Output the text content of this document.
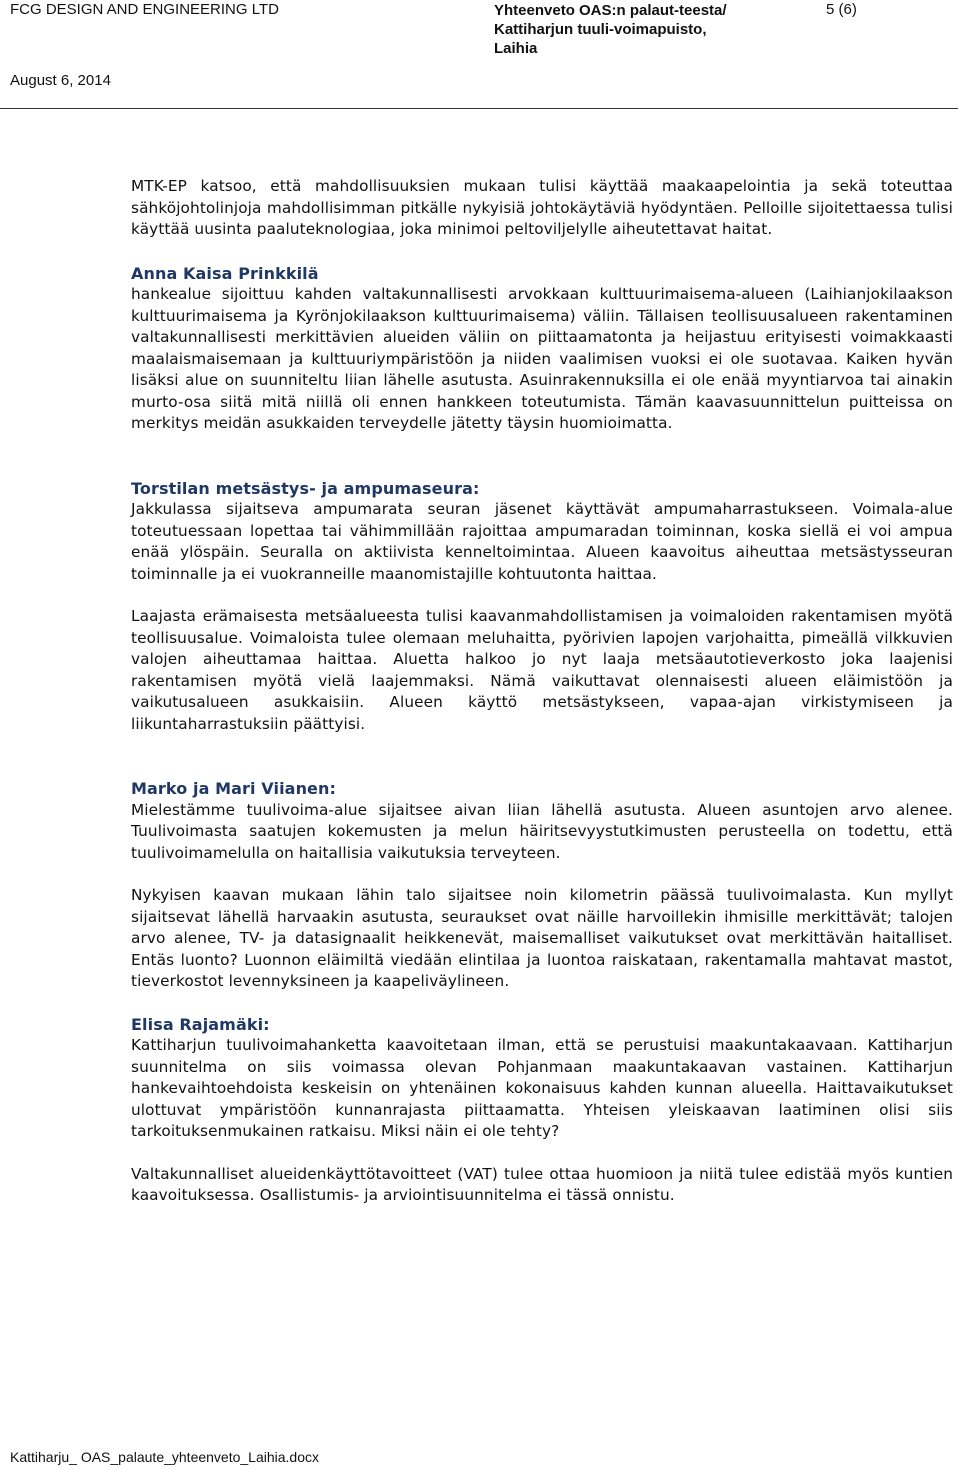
FCG DESIGN AND ENGINEERING LTD	Yhteenveto OAS:n palaut-teesta/ Kattiharjun tuuli-voimapuisto, Laihia
5 (6)
August 6, 2014

MTK-EP katsoo, että mahdollisuuksien mukaan tulisi käyttää maakaapelointia ja sekä toteuttaa sähköjohtolinjoja mahdollisimman pitkälle nykyisiä johtokäytäviä hyödyntäen. Pelloille sijoitettaessa tulisi käyttää uusinta paaluteknologiaa, joka minimoi peltoviljelylle aiheutettavat haitat.

Anna Kaisa Prinkkilä

hankealue sijoittuu kahden valtakunnallisesti arvokkaan kulttuurimaisema-alueen (Laihianjokilaakson kulttuurimaisema ja Kyrönjokilaakson kulttuurimaisema) väliin. Tällaisen teollisuusalueen rakentaminen valtakunnallisesti merkittävien alueiden väliin on piittaamatonta ja heijastuu erityisesti voimakkaasti maalaismaisemaan ja kulttuuriympäristöön ja niiden vaalimisen vuoksi ei ole suotavaa. Kaiken hyvän lisäksi alue on suunniteltu liian lähelle asutusta. Asuinrakennuksilla ei ole enää myyntiarvoa tai ainakin murto-osa siitä mitä niillä oli ennen hankkeen toteutumista. Tämän kaavasuunnittelun puitteissa on merkitys meidän asukkaiden terveydelle jätetty täysin huomioimatta.

Torstilan metsästys- ja ampumaseura:

Jakkulassa sijaitseva ampumarata seuran jäsenet käyttävät ampumaharrastukseen. Voimala-alue toteutuessaan lopettaa tai vähimmillään rajoittaa ampumaradan toiminnan, koska siellä ei voi ampua enää ylöspäin. Seuralla on aktiivista kenneltoimintaa. Alueen kaavoitus aiheuttaa metsästysseuran toiminnalle ja ei vuokranneille maanomistajille kohtuutonta haittaa.

Laajasta erämaisesta metsäalueesta tulisi kaavanmahdollistamisen ja voimaloiden rakentamisen myötä teollisuusalue. Voimaloista tulee olemaan meluhaitta, pyörivien lapojen varjohaitta, pimeällä vilkkuvien valojen aiheuttamaa haittaa. Aluetta halkoo jo nyt laaja metsäautotieverkosto joka laajenisi rakentamisen myötä vielä laajemmaksi. Nämä vaikuttavat olennaisesti alueen eläimistöön ja vaikutusalueen asukkaisiin. Alueen käyttö metsästykseen, vapaa-ajan virkistymiseen ja liikuntaharrastuksiin päättyisi.

Marko ja Mari Viianen:

Mielestämme tuulivoima-alue sijaitsee aivan liian lähellä asutusta. Alueen asuntojen arvo alenee. Tuulivoimasta saatujen kokemusten ja melun häiritsevyystutkimusten perusteella on todettu, että tuulivoimamelulla on haitallisia vaikutuksia terveyteen.

Nykyisen kaavan mukaan lähin talo sijaitsee noin kilometrin päässä tuulivoimalasta. Kun myllyt sijaitsevat lähellä harvaakin asutusta, seuraukset ovat näille harvoillekin ihmisille merkittävät; talojen arvo alenee, TV- ja datasignaalit heikkenevät, maisemalliset vaikutukset ovat merkittävän haitalliset. Entäs luonto? Luonnon eläimiltä viedään elintilaa ja luontoa raiskataan, rakentamalla mahtavat mastot, tieverkostot levennyksineen ja kaapeliväylineen.

Elisa Rajamäki:

Kattiharjun tuulivoimahanketta kaavoitetaan ilman, että se perustuisi maakuntakaavaan. Kattiharjun suunnitelma on siis voimassa olevan Pohjanmaan maakuntakaavan vastainen. Kattiharjun hankevaihtoehdoista keskeisin on yhtenäinen kokonaisuus kahden kunnan alueella. Haittavaikutukset ulottuvat ympäristöön kunnanrajasta piittaamatta. Yhteisen yleiskaavan laatiminen olisi siis tarkoituksenmukainen ratkaisu. Miksi näin ei ole tehty?

Valtakunnalliset alueidenkäyttötavoitteet (VAT) tulee ottaa huomioon ja niitä tulee edistää myös kuntien kaavoituksessa. Osallistumis- ja arviointisuunnitelma ei tässä onnistu.

Kattiharju_ OAS_palaute_yhteenveto_Laihia.docx
